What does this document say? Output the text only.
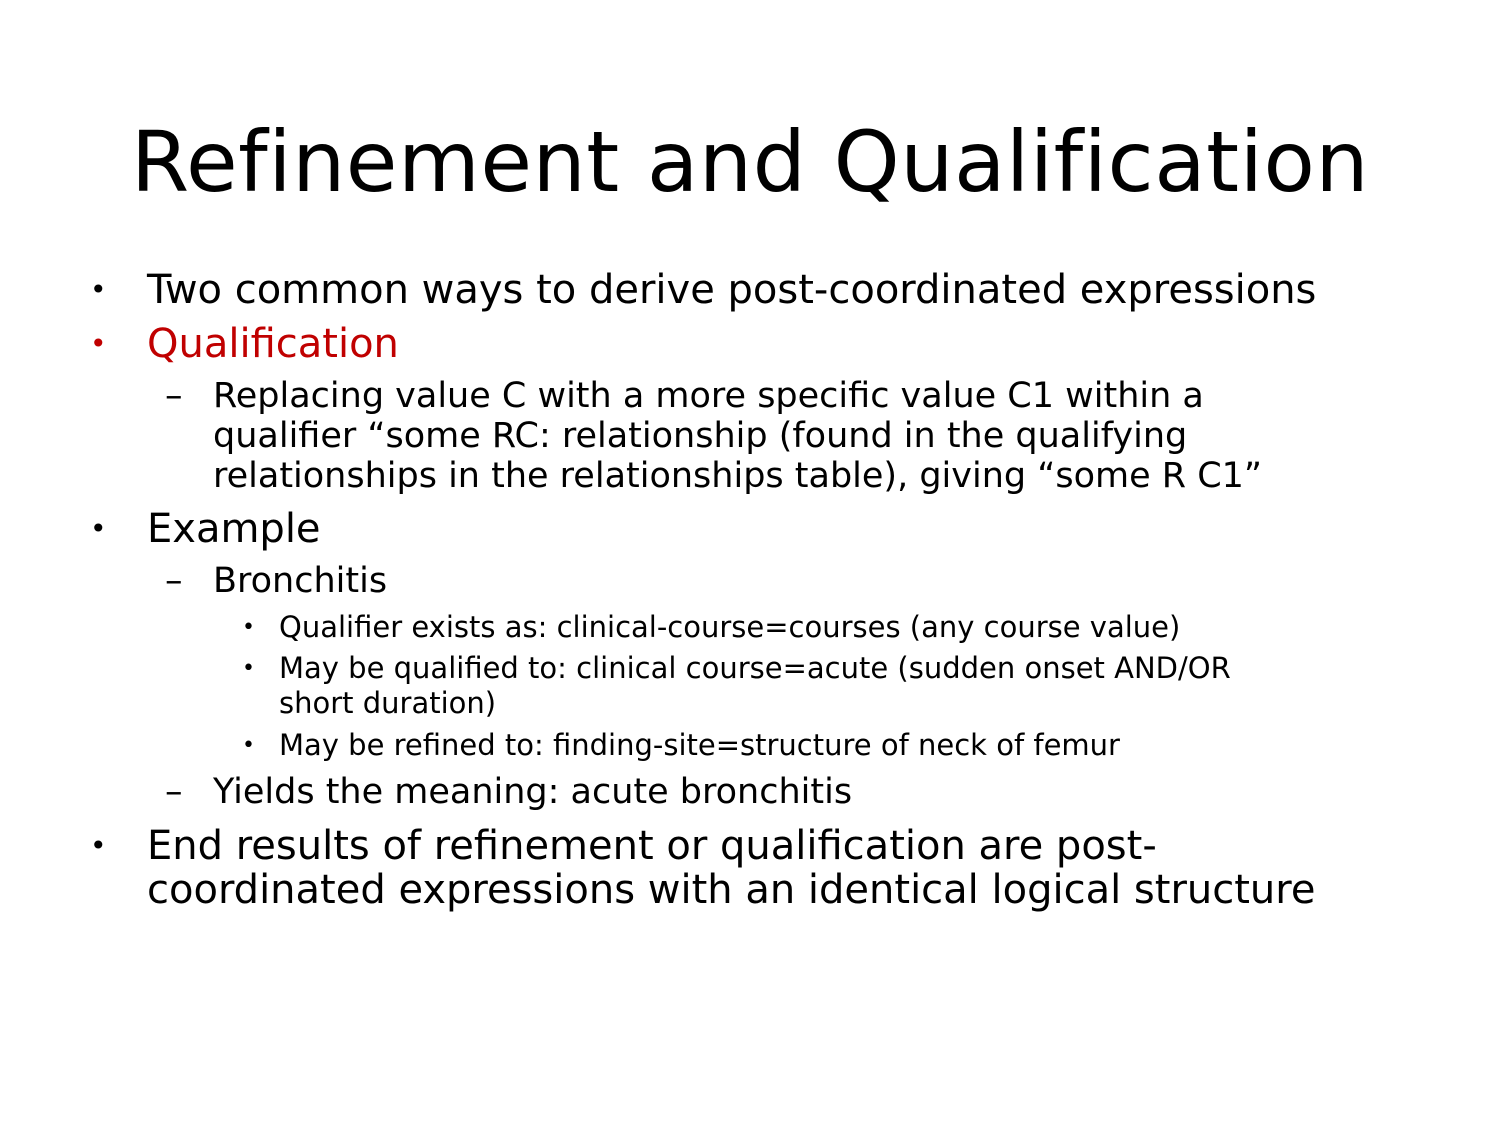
Refinement and Qualification
• Two common ways to derive post-coordinated expressions
• Qualification
– Replacing value C with a more specific value C1 within a
qualifier “some RC: relationship (found in the qualifying
relationships in the relationships table), giving “some R C1”
• Example
– Bronchitis
• Qualifier exists as: clinical-course=courses (any course value)
• May be qualified to: clinical course=acute (sudden onset AND/OR
short duration)
• May be refined to: finding-site=structure of neck of femur
– Yields the meaning: acute bronchitis
• End results of refinement or qualification are post-
coordinated expressions with an identical logical structure
